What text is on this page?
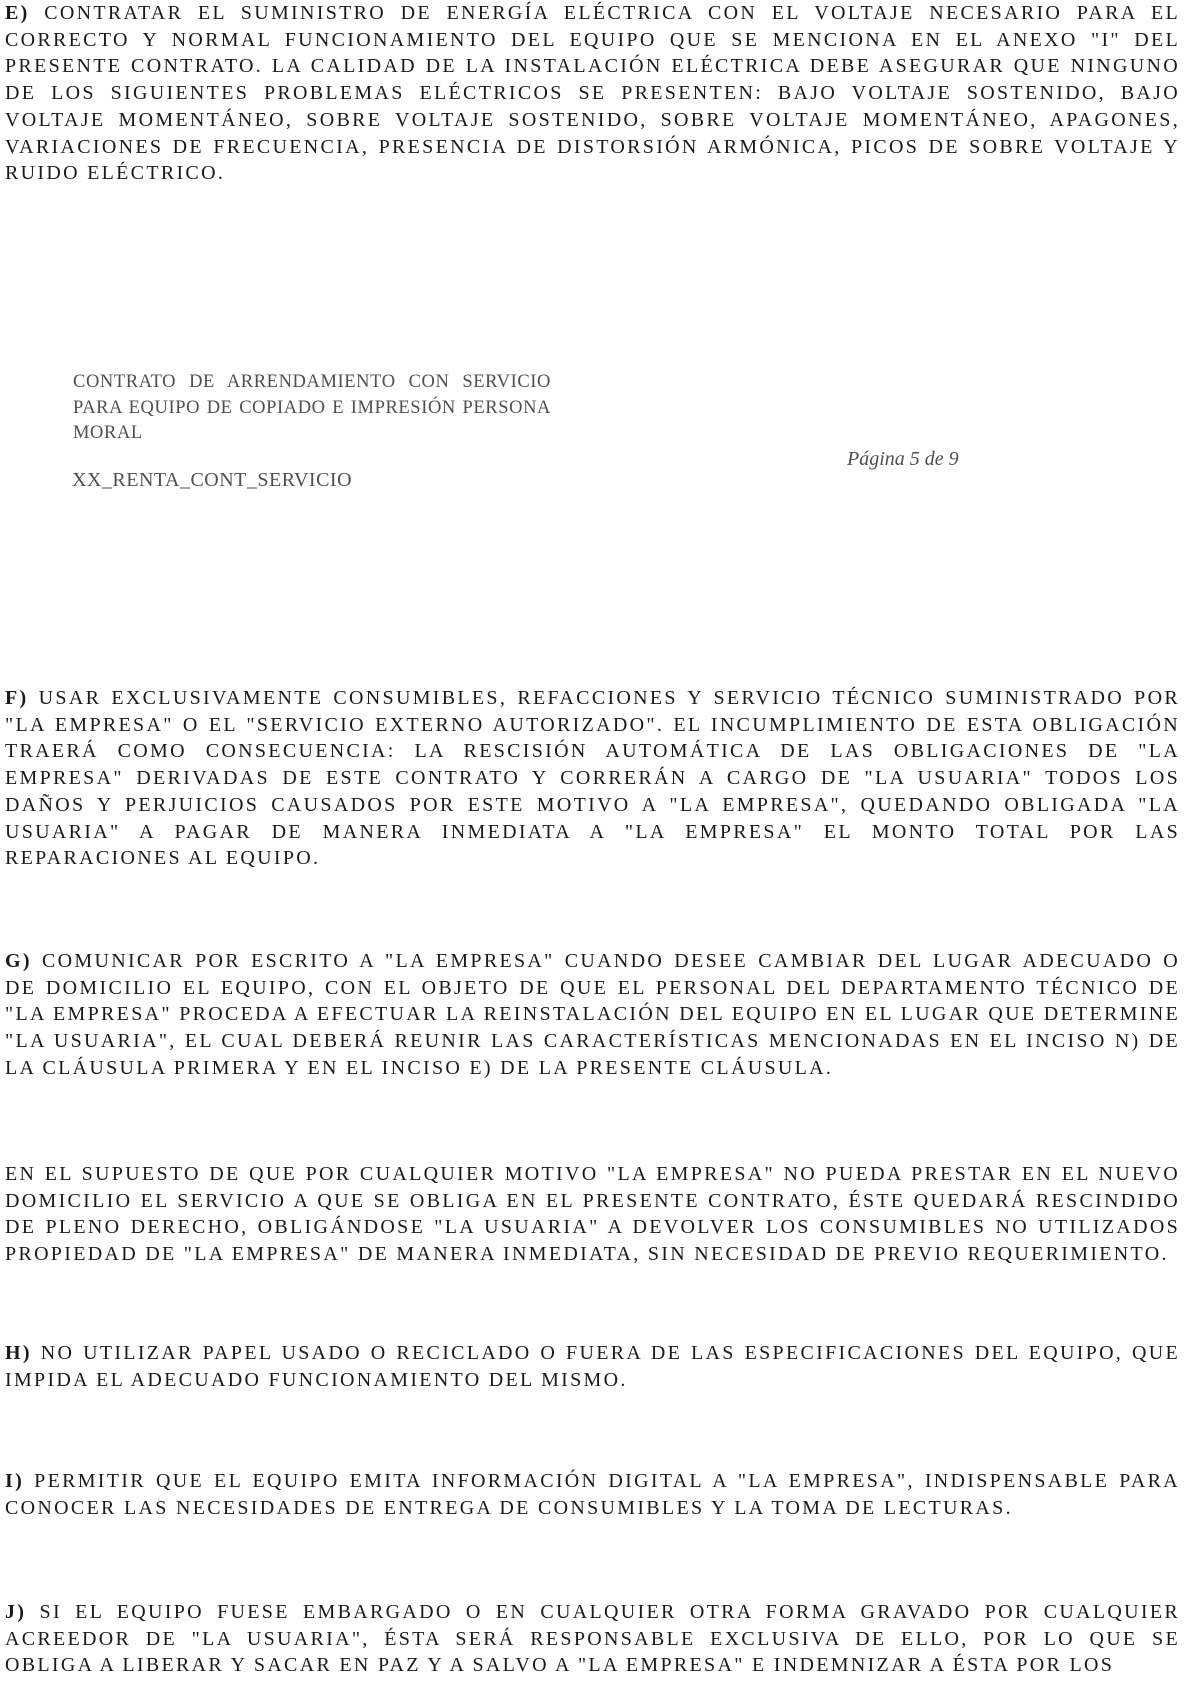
E) CONTRATAR EL SUMINISTRO DE ENERGÍA ELÉCTRICA CON EL VOLTAJE NECESARIO PARA EL CORRECTO Y NORMAL FUNCIONAMIENTO DEL EQUIPO QUE SE MENCIONA EN EL ANEXO "I" DEL PRESENTE CONTRATO. LA CALIDAD DE LA INSTALACIÓN ELÉCTRICA DEBE ASEGURAR QUE NINGUNO DE LOS SIGUIENTES PROBLEMAS ELÉCTRICOS SE PRESENTEN: BAJO VOLTAJE SOSTENIDO, BAJO VOLTAJE MOMENTÁNEO, SOBRE VOLTAJE SOSTENIDO, SOBRE VOLTAJE MOMENTÁNEO, APAGONES, VARIACIONES DE FRECUENCIA, PRESENCIA DE DISTORSIÓN ARMÓNICA, PICOS DE SOBRE VOLTAJE Y RUIDO ELÉCTRICO.

CONTRATO DE ARRENDAMIENTO CON SERVICIO PARA EQUIPO DE COPIADO E IMPRESIÓN PERSONA MORAL

Página 5 de 9

XX_RENTA_CONT_SERVICIO

F) USAR EXCLUSIVAMENTE CONSUMIBLES, REFACCIONES Y SERVICIO TÉCNICO SUMINISTRADO POR "LA EMPRESA" O EL "SERVICIO EXTERNO AUTORIZADO". EL INCUMPLIMIENTO DE ESTA OBLIGACIÓN TRAERÁ COMO CONSECUENCIA: LA RESCISIÓN AUTOMÁTICA DE LAS OBLIGACIONES DE "LA EMPRESA" DERIVADAS DE ESTE CONTRATO Y CORRERÁN A CARGO DE "LA USUARIA" TODOS LOS DAÑOS Y PERJUICIOS CAUSADOS POR ESTE MOTIVO A "LA EMPRESA", QUEDANDO OBLIGADA "LA USUARIA" A PAGAR DE MANERA INMEDIATA A "LA EMPRESA" EL MONTO TOTAL POR LAS REPARACIONES AL EQUIPO.

G) COMUNICAR POR ESCRITO A "LA EMPRESA" CUANDO DESEE CAMBIAR DEL LUGAR ADECUADO O DE DOMICILIO EL EQUIPO, CON EL OBJETO DE QUE EL PERSONAL DEL DEPARTAMENTO TÉCNICO DE "LA EMPRESA" PROCEDA A EFECTUAR LA REINSTALACIÓN DEL EQUIPO EN EL LUGAR QUE DETERMINE "LA USUARIA", EL CUAL DEBERÁ REUNIR LAS CARACTERÍSTICAS MENCIONADAS EN EL INCISO N) DE LA CLÁUSULA PRIMERA Y EN EL INCISO E) DE LA PRESENTE CLÁUSULA.

EN EL SUPUESTO DE QUE POR CUALQUIER MOTIVO "LA EMPRESA" NO PUEDA PRESTAR EN EL NUEVO DOMICILIO EL SERVICIO A QUE SE OBLIGA EN EL PRESENTE CONTRATO, ÉSTE QUEDARÁ RESCINDIDO DE PLENO DERECHO, OBLIGÁNDOSE "LA USUARIA" A DEVOLVER LOS CONSUMIBLES NO UTILIZADOS PROPIEDAD DE "LA EMPRESA" DE MANERA INMEDIATA, SIN NECESIDAD DE PREVIO REQUERIMIENTO.

H) NO UTILIZAR PAPEL USADO O RECICLADO O FUERA DE LAS ESPECIFICACIONES DEL EQUIPO, QUE IMPIDA EL ADECUADO FUNCIONAMIENTO DEL MISMO.

I) PERMITIR QUE EL EQUIPO EMITA INFORMACIÓN DIGITAL A "LA EMPRESA", INDISPENSABLE PARA CONOCER LAS NECESIDADES DE ENTREGA DE CONSUMIBLES Y LA TOMA DE LECTURAS.

J) SI EL EQUIPO FUESE EMBARGADO O EN CUALQUIER OTRA FORMA GRAVADO POR CUALQUIER ACREEDOR DE "LA USUARIA", ÉSTA SERÁ RESPONSABLE EXCLUSIVA DE ELLO, POR LO QUE SE OBLIGA A LIBERAR Y SACAR EN PAZ Y A SALVO A "LA EMPRESA" E INDEMNIZAR A ÉSTA POR LOS
